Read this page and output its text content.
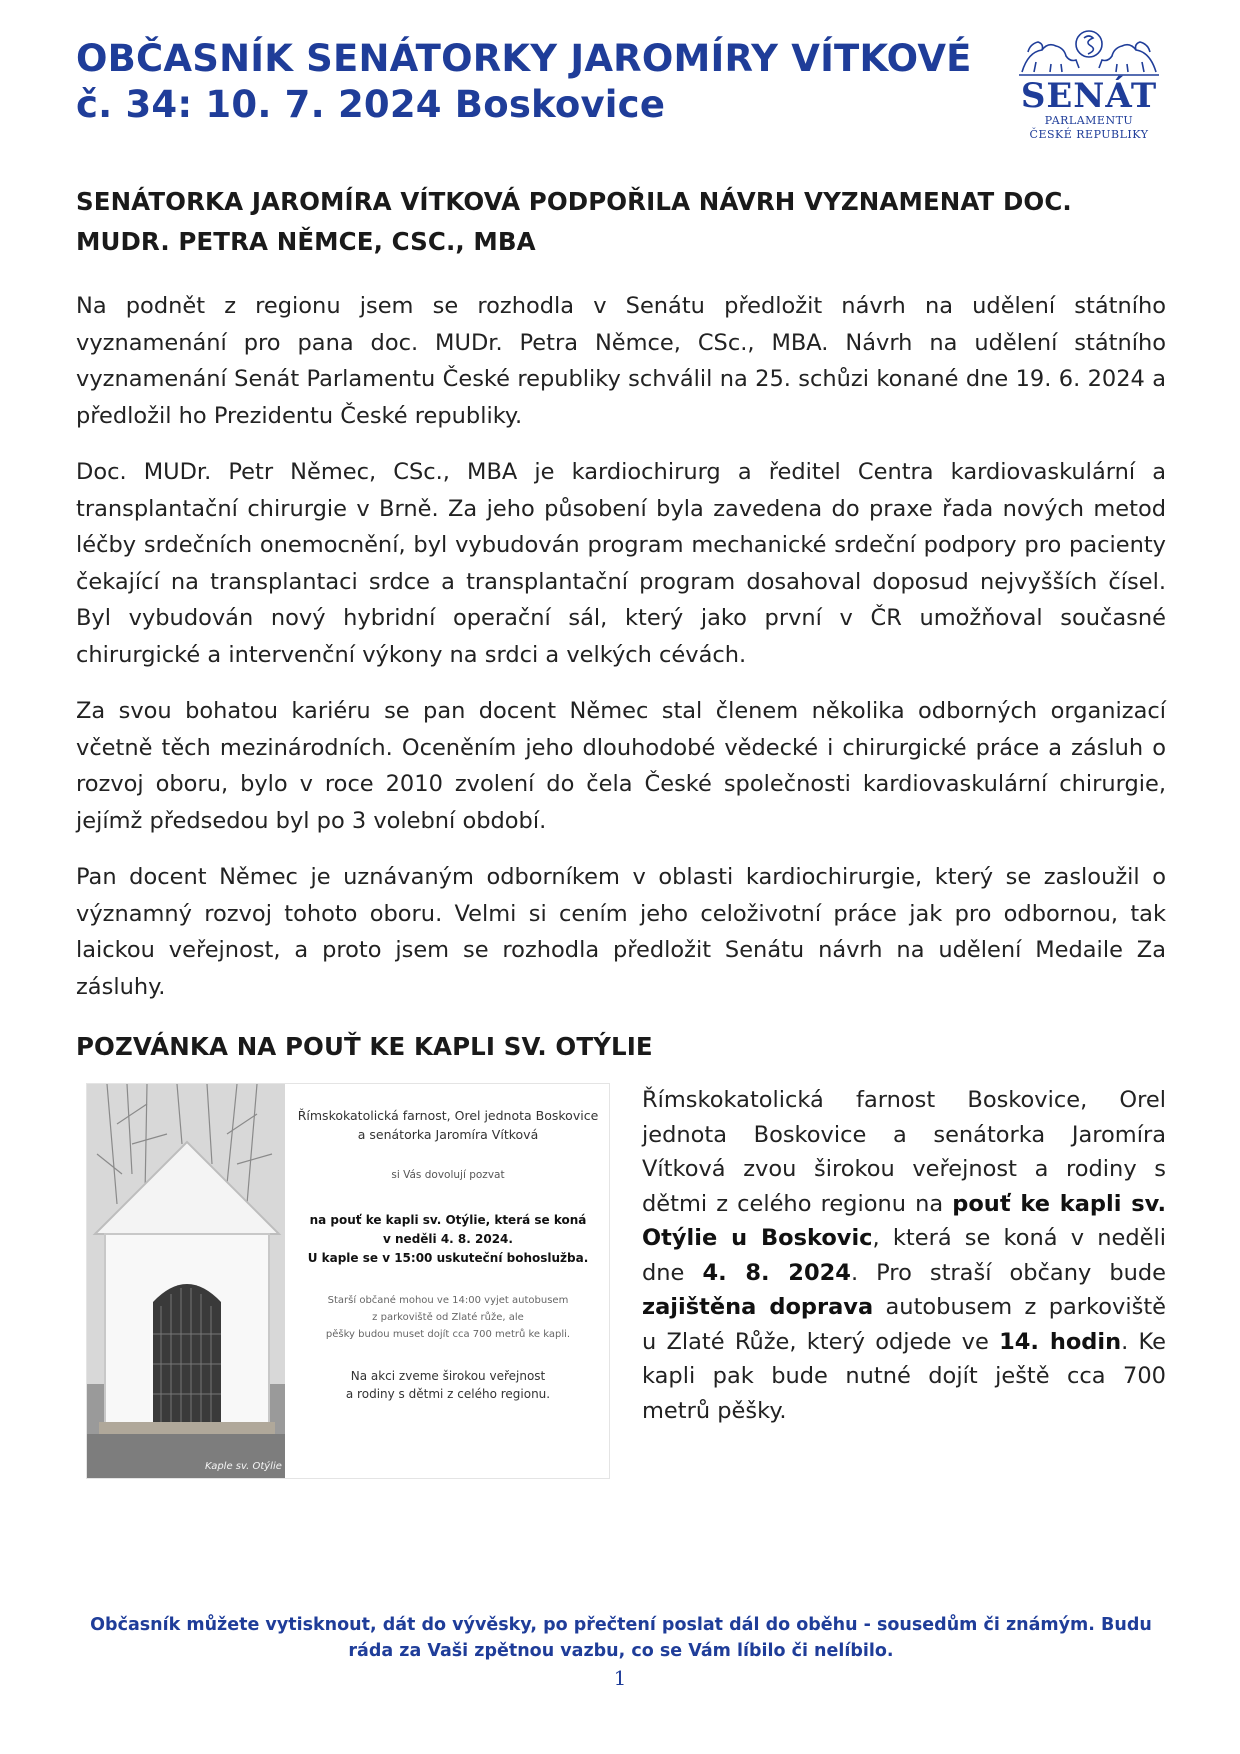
OBČASNÍK SENÁTORKY JAROMÍRY VÍTKOVÉ
č. 34: 10. 7. 2024 Boskovice	SENÁT
PARLAMENTU
ČESKÉ REPUBLIKY
SENÁTORKA JAROMÍRA VÍTKOVÁ PODPOŘILA NÁVRH VYZNAMENAT DOC. MUDR. PETRA NĚMCE, CSC., MBA

Na podnět z regionu jsem se rozhodla v Senátu předložit návrh na udělení státního vyznamenání pro pana doc. MUDr. Petra Němce, CSc., MBA. Návrh na udělení státního vyznamenání Senát Parlamentu České republiky schválil na 25. schůzi konané dne 19. 6. 2024 a předložil ho Prezidentu České republiky.

Doc. MUDr. Petr Němec, CSc., MBA je kardiochirurg a ředitel Centra kardiovaskulární a transplantační chirurgie v Brně. Za jeho působení byla zavedena do praxe řada nových metod léčby srdečních onemocnění, byl vybudován program mechanické srdeční podpory pro pacienty čekající na transplantaci srdce a transplantační program dosahoval doposud nejvyšších čísel. Byl vybudován nový hybridní operační sál, který jako první v ČR umožňoval současné chirurgické a intervenční výkony na srdci a velkých cévách.

Za svou bohatou kariéru se pan docent Němec stal členem několika odborných organizací včetně těch mezinárodních. Oceněním jeho dlouhodobé vědecké i chirurgické práce a zásluh o rozvoj oboru, bylo v roce 2010 zvolení do čela České společnosti kardiovaskulární chirurgie, jejímž předsedou byl po 3 volební období.

Pan docent Němec je uznávaným odborníkem v oblasti kardiochirurgie, který se zasloužil o významný rozvoj tohoto oboru. Velmi si cením jeho celoživotní práce jak pro odbornou, tak laickou veřejnost, a proto jsem se rozhodla předložit Senátu návrh na udělení Medaile Za zásluhy.

POZVÁNKA NA POUŤ KE KAPLI SV. OTÝLIE
Kaple sv. Otýlie
Římskokatolická farnost, Orel jednota Boskovice
a senátorka Jaromíra Vítková
si Vás dovolují pozvat
na pouť ke kapli sv. Otýlie, která se koná
v neděli 4. 8. 2024.
U kaple se v 15:00 uskuteční bohoslužba.
Starší občané mohou ve 14:00 vyjet autobusem
z parkoviště od Zlaté růže, ale
pěšky budou muset dojít cca 700 metrů ke kapli.
Na akci zveme širokou veřejnost
a rodiny s dětmi z celého regionu.

Římskokatolická farnost Boskovice, Orel jednota Boskovice a senátorka Jaromíra Vítková zvou širokou veřejnost a rodiny s dětmi z celého regionu na pouť ke kapli sv. Otýlie u Boskovic, která se koná v neděli dne 4. 8. 2024. Pro straší občany bude zajištěna doprava autobusem z parkoviště u Zlaté Růže, který odjede ve 14. hodin. Ke kapli pak bude nutné dojít ještě cca 700 metrů pěšky.

Občasník můžete vytisknout, dát do vývěsky, po přečtení poslat dál do oběhu - sousedům či známým. Budu ráda za Vaši zpětnou vazbu, co se Vám líbilo či nelíbilo.
1
